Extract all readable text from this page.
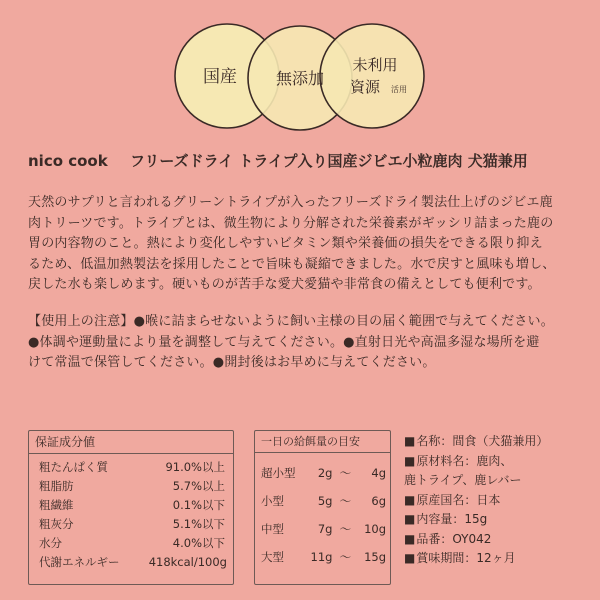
国産 無添加
未利用
資源 活用
nico cook フリーズドライ トライプ入り国産ジビエ小粒鹿肉 犬猫兼用
天然のサプリと言われるグリーントライプが入ったフリーズドライ製法仕上げのジビエ鹿
肉トリーツです。トライプとは、微生物により分解された栄養素がギッシリ詰まった鹿の
胃の内容物のこと。熱により変化しやすいビタミン類や栄養価の損失をできる限り抑え
るため、低温加熱製法を採用したことで旨味も凝縮できました。水で戻すと風味も増し、
戻した水も楽しめます。硬いものが苦手な愛犬愛猫や非常食の備えとしても便利です。
【使用上の注意】●喉に詰まらせないように飼い主様の目の届く範囲で与えてください。
●体調や運動量により量を調整して与えてください。●直射日光や高温多湿な場所を避
けて常温で保管してください。●開封後はお早めに与えてください。
保証成分値
粗たんぱく質	91.0%以上
粗脂肪	5.7%以上
粗繊維	0.1%以下
粗灰分	5.1%以下
水分	4.0%以下
代謝エネルギー	418kcal/100g
一日の給餌量の目安
超小型	2g 〜	4g
小型	5g 〜	6g
中型	7g 〜	10g
大型	11g 〜	15g
■ 名称：間食（犬猫兼用）
■ 原材料名：鹿肉、
鹿トライプ、鹿レバー
■ 原産国名：日本
■ 内容量：15g
■ 品番：OY042
■ 賞味期間：12ヶ月
